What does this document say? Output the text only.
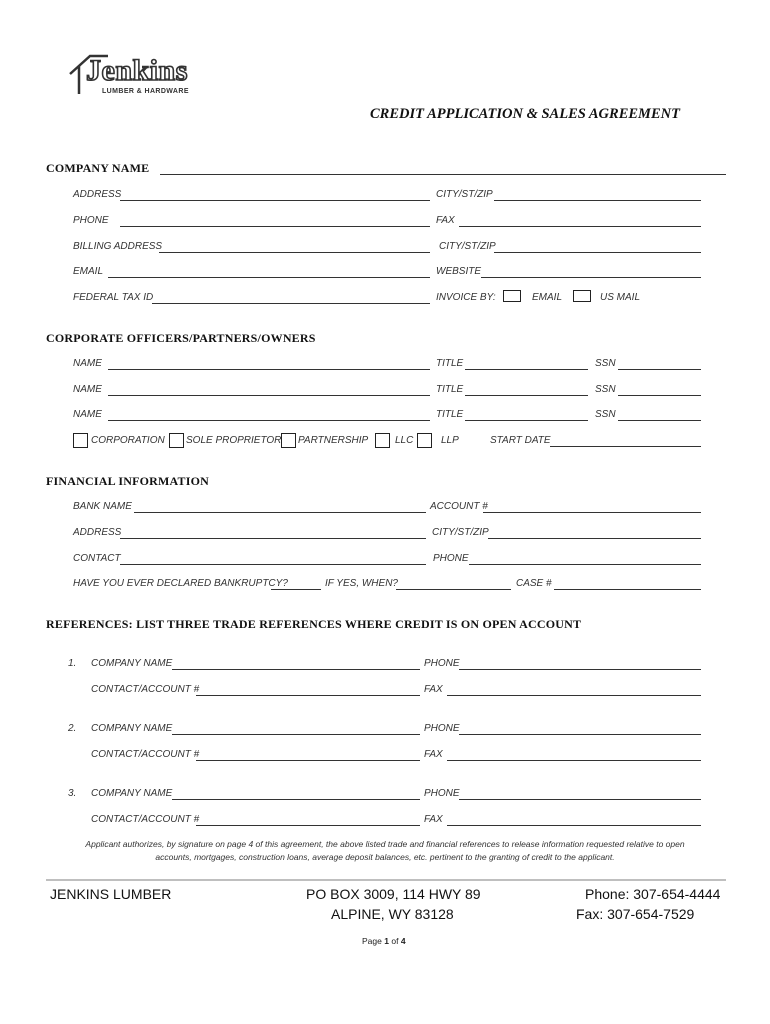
Jenkins
LUMBER & HARDWARE
CREDIT APPLICATION & SALES AGREEMENT
COMPANY NAME
ADDRESS	CITY/ST/ZIP
PHONE	FAX
BILLING ADDRESS	CITY/ST/ZIP
EMAIL	WEBSITE
FEDERAL TAX ID	INVOICE BY:	EMAIL	US MAIL
CORPORATE OFFICERS/PARTNERS/OWNERS
NAME	TITLE	SSN
NAME	TITLE	SSN
NAME	TITLE	SSN
CORPORATION SOLE PROPRIETOR PARTNERSHIP	LLC	LLP	START DATE
FINANCIAL INFORMATION
BANK NAME	ACCOUNT #
ADDRESS	CITY/ST/ZIP
CONTACT	PHONE
HAVE YOU EVER DECLARED BANKRUPTCY?	IF YES, WHEN?	CASE #
REFERENCES: LIST THREE TRADE REFERENCES WHERE CREDIT IS ON OPEN ACCOUNT
1. COMPANY NAME	PHONE
CONTACT/ACCOUNT #	FAX
2. COMPANY NAME	PHONE
CONTACT/ACCOUNT #	FAX
3. COMPANY NAME	PHONE
CONTACT/ACCOUNT #	FAX
Applicant authorizes, by signature on page 4 of this agreement, the above listed trade and financial references to release information requested relative to open
accounts, mortgages, construction loans, average deposit balances, etc. pertinent to the granting of credit to the applicant.
JENKINS LUMBER	PO BOX 3009, 114 HWY 89
ALPINE, WY 83128
Phone: 307-654-4444
Fax: 307-654-7529
Page 1 of 4
